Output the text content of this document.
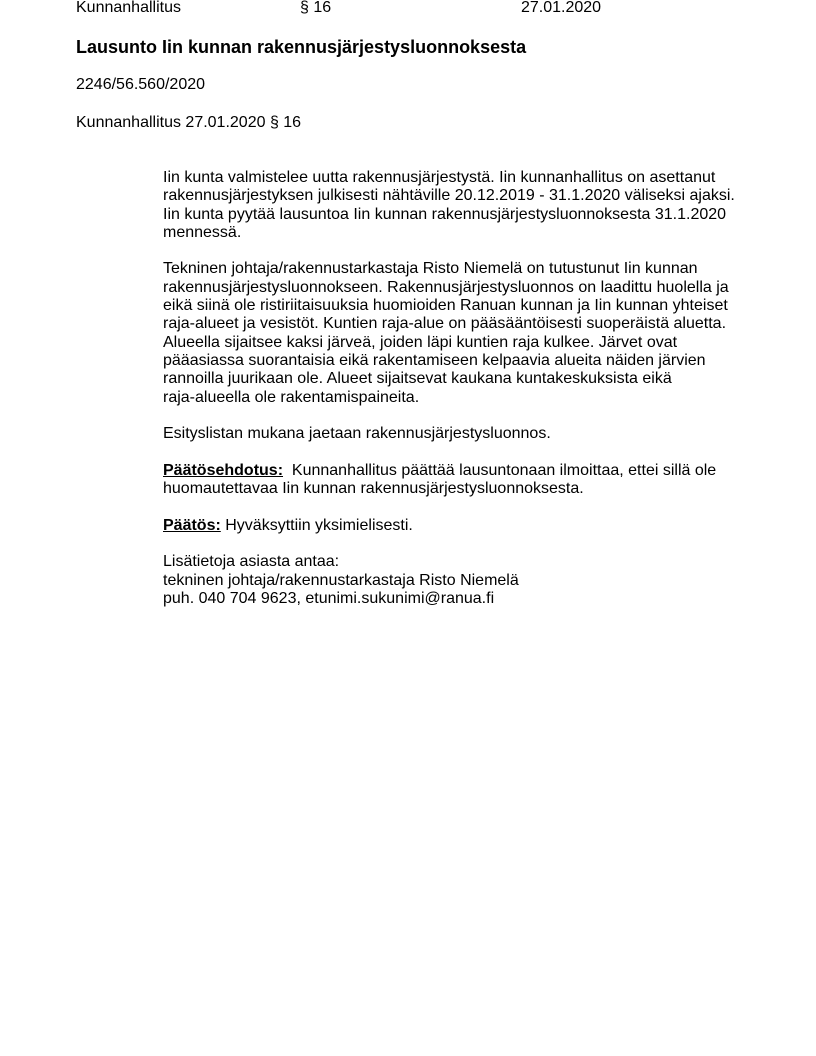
Kunnanhallitus	§ 16	27.01.2020
Lausunto Iin kunnan rakennusjärjestysluonnoksesta
2246/56.560/2020
Kunnanhallitus 27.01.2020 § 16

Iin kunta valmistelee uutta rakennusjärjestystä. Iin kunnanhallitus on asettanut
rakennusjärjestyksen julkisesti nähtäville 20.12.2019 - 31.1.2020 väliseksi ajaksi.
Iin kunta pyytää lausuntoa Iin kunnan rakennusjärjestysluonnoksesta 31.1.2020
mennessä.

Tekninen johtaja/rakennustarkastaja Risto Niemelä on tutustunut Iin kunnan
rakennusjärjestysluonnokseen. Rakennusjärjestysluonnos on laadittu huolella ja
eikä siinä ole ristiriitaisuuksia huomioiden Ranuan kunnan ja Iin kunnan yhteiset
raja-alueet ja vesistöt. Kuntien raja-alue on pääsääntöisesti suoperäistä aluetta.
Alueella sijaitsee kaksi järveä, joiden läpi kuntien raja kulkee. Järvet ovat
pääasiassa suorantaisia eikä rakentamiseen kelpaavia alueita näiden järvien
rannoilla juurikaan ole. Alueet sijaitsevat kaukana kuntakeskuksista eikä
raja-alueella ole rakentamispaineita.

Esityslistan mukana jaetaan rakennusjärjestysluonnos.

Päätösehdotus: Kunnanhallitus päättää lausuntonaan ilmoittaa, ettei sillä ole
huomautettavaa Iin kunnan rakennusjärjestysluonnoksesta.

Päätös: Hyväksyttiin yksimielisesti.

Lisätietoja asiasta antaa:

tekninen johtaja/rakennustarkastaja Risto Niemelä

puh. 040 704 9623, etunimi.sukunimi@ranua.fi
